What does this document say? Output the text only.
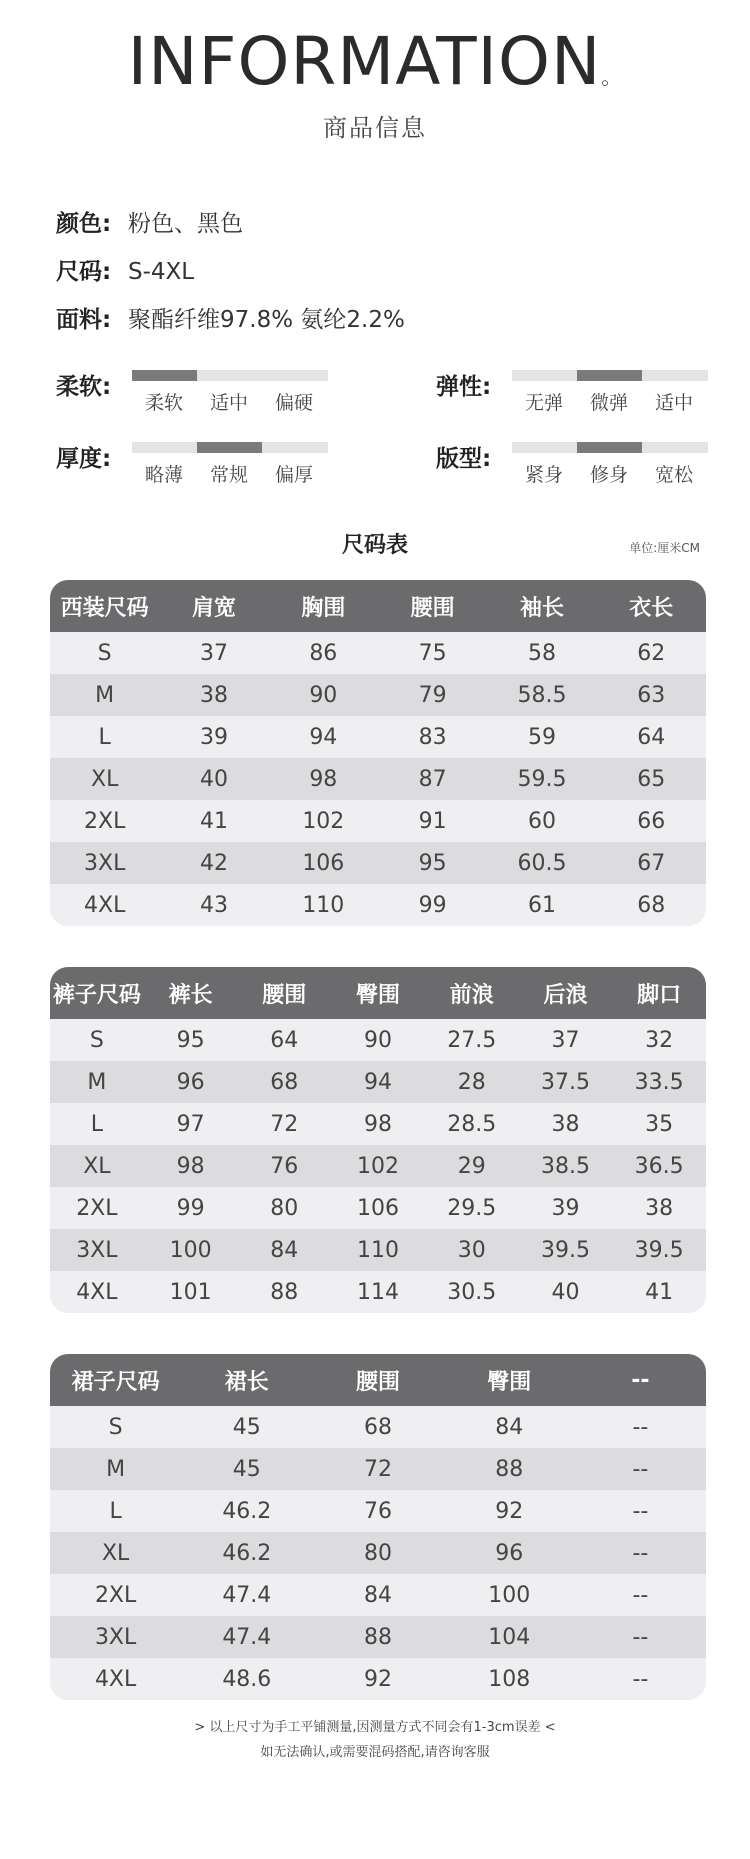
INFORMATION。
商品信息
颜色: 粉色、黑色
尺码: S-4XL
面料: 聚酯纤维97.8% 氨纶2.2%
柔软:
柔软	适中	偏硬
弹性:
无弹	微弹	适中
厚度:
略薄	常规	偏厚
版型:
紧身	修身	宽松
尺码表	单位:厘米CM
西装尺码	肩宽	胸围	腰围	袖长	衣长
S	37	86	75	58	62
M	38	90	79	58.5	63
L	39	94	83	59	64
XL	40	98	87	59.5	65
2XL	41	102	91	60	66
3XL	42	106	95	60.5	67
4XL	43	110	99	61	68
裤子尺码	裤长	腰围	臀围	前浪	后浪	脚口
S	95	64	90	27.5	37	32
M	96	68	94	28	37.5	33.5
L	97	72	98	28.5	38	35
XL	98	76	102	29	38.5	36.5
2XL	99	80	106	29.5	39	38
3XL	100	84	110	30	39.5	39.5
4XL	101	88	114	30.5	40	41
裙子尺码	裙长	腰围	臀围	--
S	45	68	84	--
M	45	72	88	--
L	46.2	76	92	--
XL	46.2	80	96	--
2XL	47.4	84	100	--
3XL	47.4	88	104	--
4XL	48.6	92	108	--
> 以上尺寸为手工平铺测量,因测量方式不同会有1-3cm误差 <
如无法确认,或需要混码搭配,请咨询客服
